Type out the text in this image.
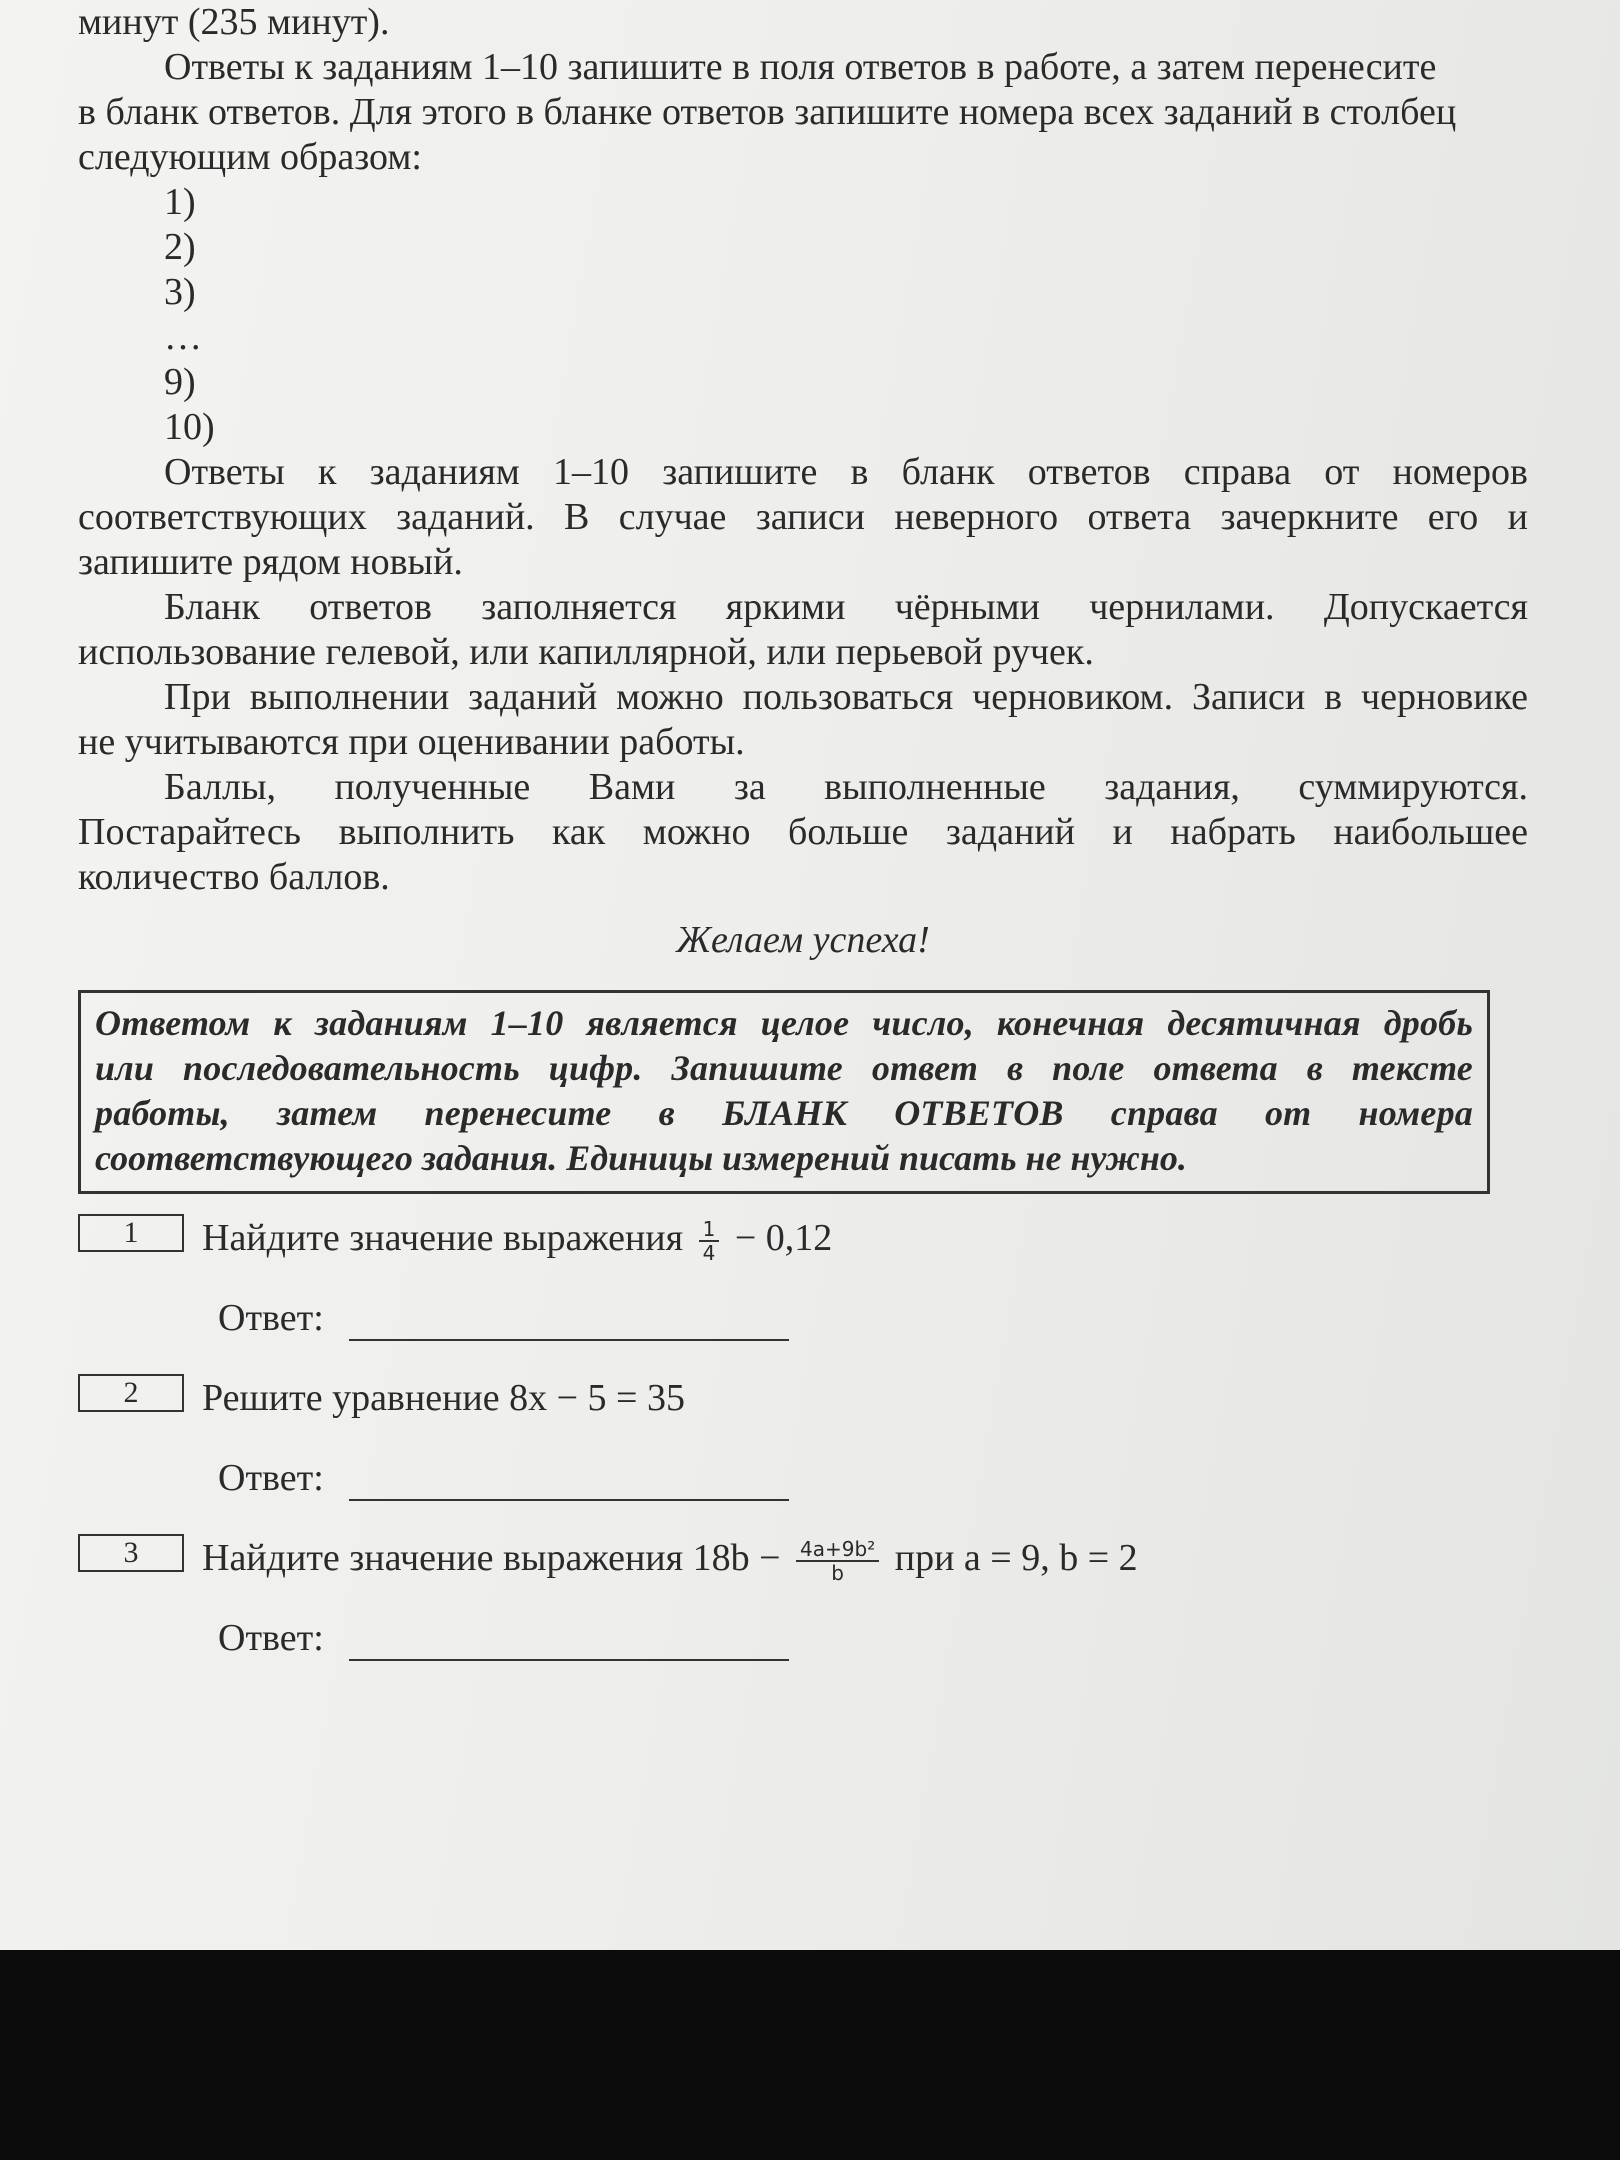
минут (235 минут).
Ответы к заданиям 1–10 запишите в поля ответов в работе, а затем перенесите
в бланк ответов. Для этого в бланке ответов запишите номера всех заданий в столбец
следующим образом:
1)
2)
3)
…
9)
10)
Ответы к заданиям 1–10 запишите в бланк ответов справа от номеров
соответствующих заданий. В случае записи неверного ответа зачеркните его и
запишите рядом новый.
Бланк ответов заполняется яркими чёрными чернилами. Допускается
использование гелевой, или капиллярной, или перьевой ручек.
При выполнении заданий можно пользоваться черновиком. Записи в черновике
не учитываются при оценивании работы.
Баллы, полученные Вами за выполненные задания, суммируются.
Постарайтесь выполнить как можно больше заданий и набрать наибольшее
количество баллов.
Желаем успеха!
Ответом к заданиям 1–10 является целое число, конечная десятичная дробь
или последовательность цифр. Запишите ответ в поле ответа в тексте
работы, затем перенесите в БЛАНК ОТВЕТОВ справа от номера
соответствующего задания. Единицы измерений писать не нужно.
1	Найдите значение выражения $\frac{1}{4} - 0,12$
Ответ:
2	Решите уравнение 8x − 5 = 35
Ответ:
3	Найдите значение выражения $18b - \frac{\text{4a+9b²}}{b}$ при a = 9, b = 2
Ответ:
